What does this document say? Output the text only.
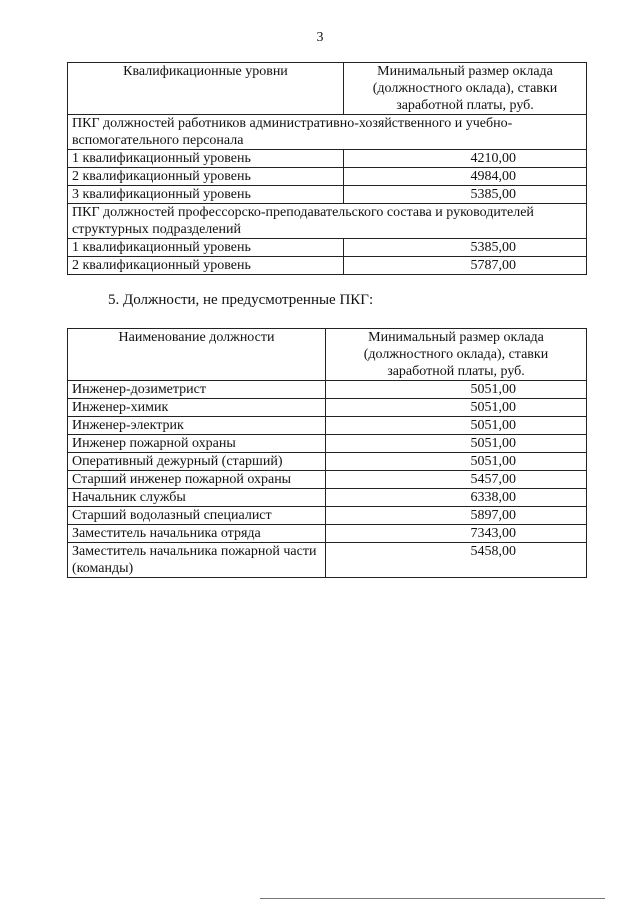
3
Квалификационные уровни	Минимальный размер оклада (должностного оклада), ставки заработной платы, руб.
ПКГ должностей работников административно-хозяйственного и учебно-вспомогательного персонала	
1 квалификационный уровень	4210,00
2 квалификационный уровень	4984,00
3 квалификационный уровень	5385,00
ПКГ должностей профессорско-преподавательского состава и руководителей структурных подразделений	
1 квалификационный уровень	5385,00
2 квалификационный уровень	5787,00
5. Должности, не предусмотренные ПКГ:
Наименование должности	Минимальный размер оклада (должностного оклада), ставки заработной платы, руб.
Инженер-дозиметрист	5051,00
Инженер-химик	5051,00
Инженер-электрик	5051,00
Инженер пожарной охраны	5051,00
Оперативный дежурный (старший)	5051,00
Старший инженер пожарной охраны	5457,00
Начальник службы	6338,00
Старший водолазный специалист	5897,00
Заместитель начальника отряда	7343,00
Заместитель начальника пожарной части (команды)	5458,00
